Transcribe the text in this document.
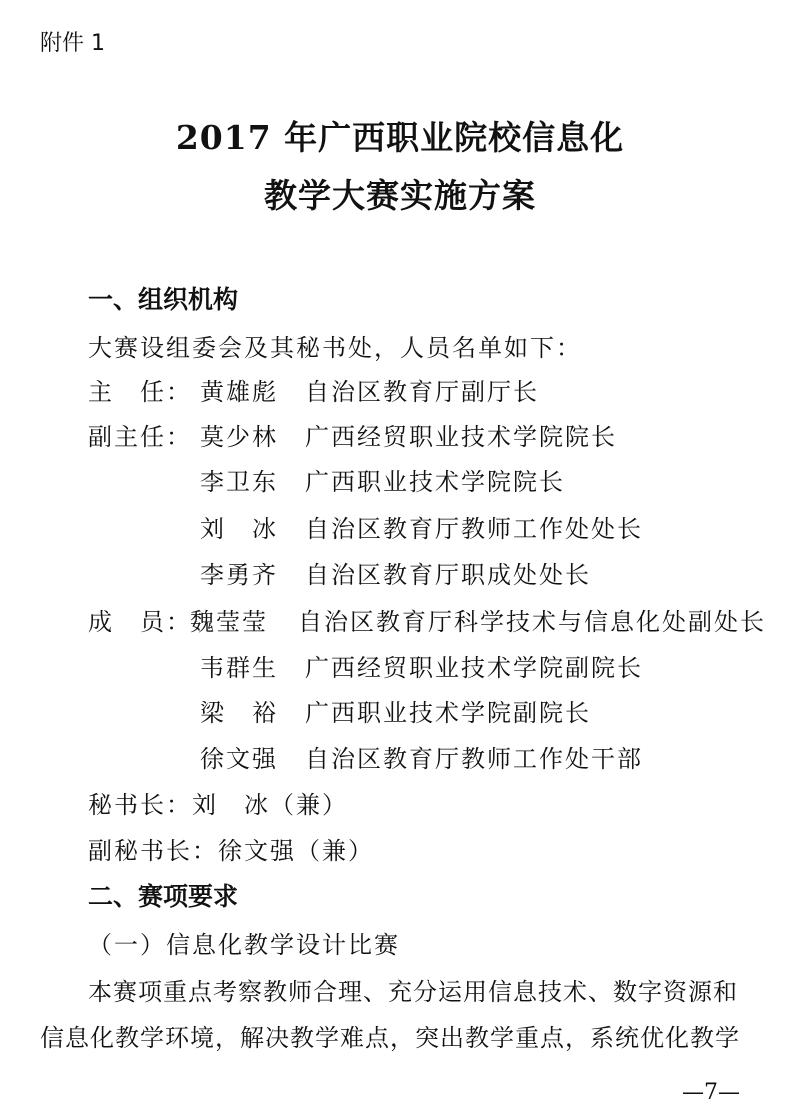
附件 1
2017 年广西职业院校信息化
教学大赛实施方案
一、组织机构
大赛设组委会及其秘书处，人员名单如下：
主　任： 黄雄彪 自治区教育厅副厅长
副主任： 莫少林 广西经贸职业技术学院院长
李卫东 广西职业技术学院院长
刘　冰 自治区教育厅教师工作处处长
李勇齐 自治区教育厅职成处处长
成　员：
魏莹莹 自治区教育厅科学技术与信息化处副处长
韦群生 广西经贸职业技术学院副院长
梁　裕 广西职业技术学院副院长
徐文强 自治区教育厅教师工作处干部
秘书长：刘　冰（兼）
副秘书长：徐文强（兼）
二、赛项要求
（一）信息化教学设计比赛
本赛项重点考察教师合理、充分运用信息技术、数字资源和
信息化教学环境，解决教学难点，突出教学重点，系统优化教学
—7—
